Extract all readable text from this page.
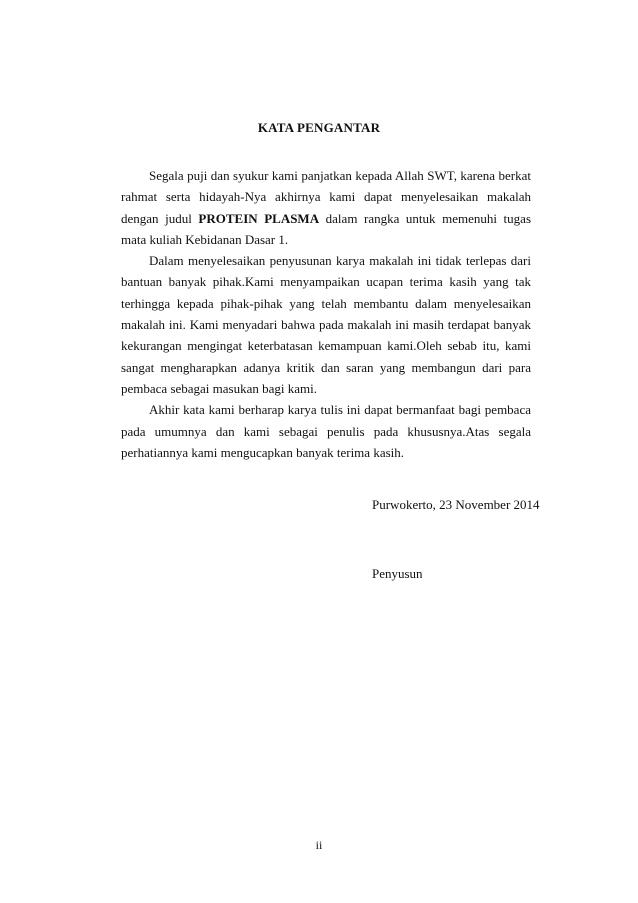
KATA PENGANTAR

Segala puji dan syukur kami panjatkan kepada Allah SWT, karena berkat rahmat serta hidayah-Nya akhirnya kami dapat menyelesaikan makalah dengan judul PROTEIN PLASMA dalam rangka untuk memenuhi tugas mata kuliah Kebidanan Dasar 1.

Dalam menyelesaikan penyusunan karya makalah ini tidak terlepas dari bantuan banyak pihak.Kami menyampaikan ucapan terima kasih yang tak terhingga kepada pihak-pihak yang telah membantu dalam menyelesaikan makalah ini. Kami menyadari bahwa pada makalah ini masih terdapat banyak kekurangan mengingat keterbatasan kemampuan kami.Oleh sebab itu, kami sangat mengharapkan adanya kritik dan saran yang membangun dari para pembaca sebagai masukan bagi kami.

Akhir kata kami berharap karya tulis ini dapat bermanfaat bagi pembaca pada umumnya dan kami sebagai penulis pada khususnya.Atas segala perhatiannya kami mengucapkan banyak terima kasih.

Purwokerto, 23 November 2014
Penyusun
ii
